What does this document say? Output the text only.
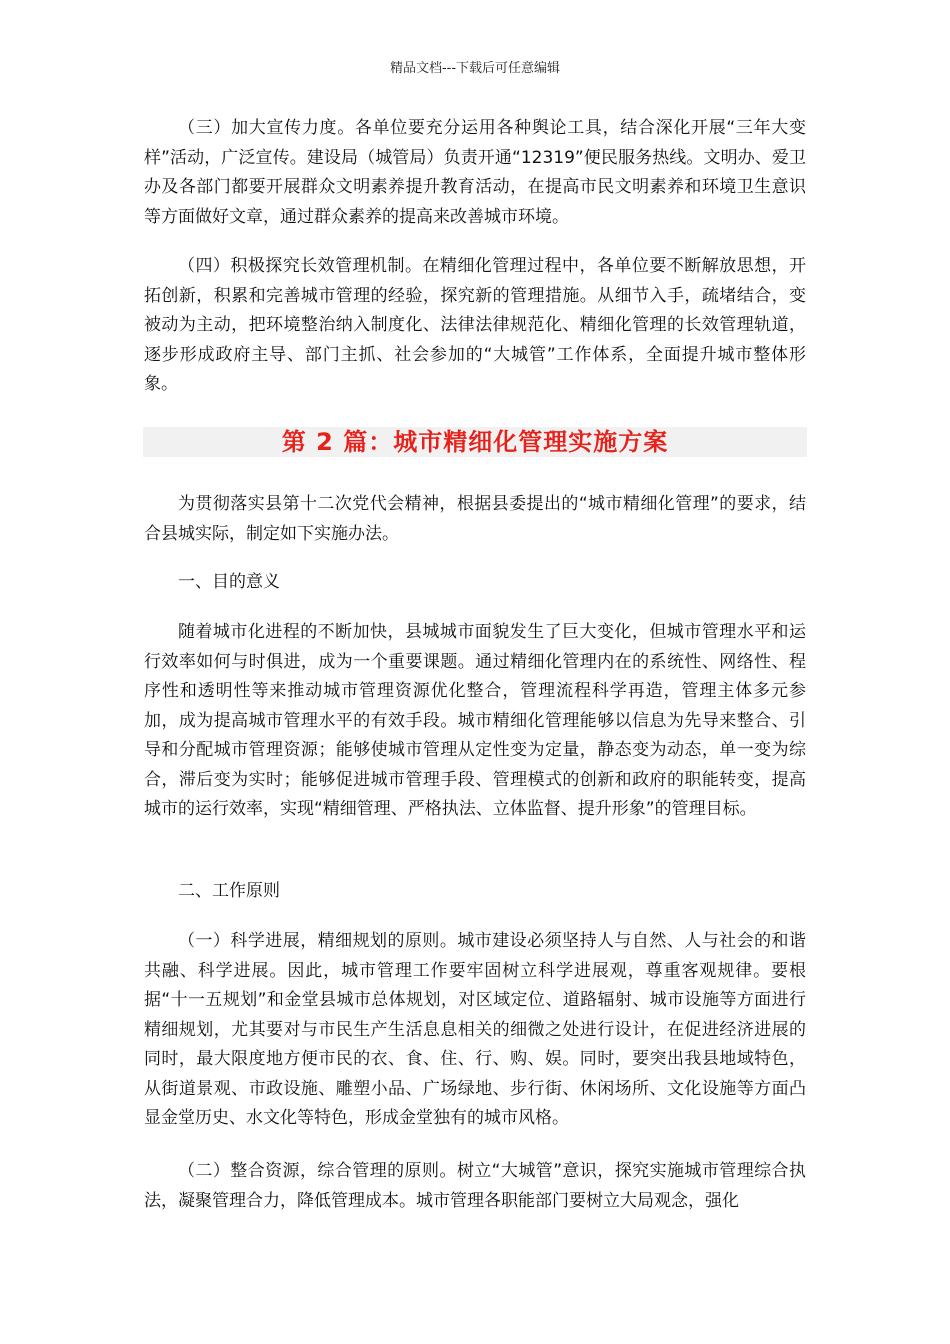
精品文档---下载后可任意编辑

（三）加大宣传力度。各单位要充分运用各种舆论工具，结合深化开展“三年大变样”活动，广泛宣传。建设局（城管局）负责开通“12319”便民服务热线。文明办、爱卫办及各部门都要开展群众文明素养提升教育活动，在提高市民文明素养和环境卫生意识等方面做好文章，通过群众素养的提高来改善城市环境。

（四）积极探究长效管理机制。在精细化管理过程中，各单位要不断解放思想，开拓创新，积累和完善城市管理的经验，探究新的管理措施。从细节入手，疏堵结合，变被动为主动，把环境整治纳入制度化、法律法律规范化、精细化管理的长效管理轨道，逐步形成政府主导、部门主抓、社会参加的“大城管”工作体系，全面提升城市整体形象。

第 2 篇：城市精细化管理实施方案

为贯彻落实县第十二次党代会精神，根据县委提出的“城市精细化管理”的要求，结合县城实际，制定如下实施办法。

一、目的意义

随着城市化进程的不断加快，县城城市面貌发生了巨大变化，但城市管理水平和运行效率如何与时俱进，成为一个重要课题。通过精细化管理内在的系统性、网络性、程序性和透明性等来推动城市管理资源优化整合，管理流程科学再造，管理主体多元参加，成为提高城市管理水平的有效手段。城市精细化管理能够以信息为先导来整合、引导和分配城市管理资源；能够使城市管理从定性变为定量，静态变为动态，单一变为综合，滞后变为实时；能够促进城市管理手段、管理模式的创新和政府的职能转变，提高城市的运行效率，实现“精细管理、严格执法、立体监督、提升形象”的管理目标。

二、工作原则

（一）科学进展，精细规划的原则。城市建设必须坚持人与自然、人与社会的和谐共融、科学进展。因此，城市管理工作要牢固树立科学进展观，尊重客观规律。要根据“十一五规划”和金堂县城市总体规划，对区域定位、道路辐射、城市设施等方面进行精细规划，尤其要对与市民生产生活息息相关的细微之处进行设计，在促进经济进展的同时，最大限度地方便市民的衣、食、住、行、购、娱。同时，要突出我县地域特色，从街道景观、市政设施、雕塑小品、广场绿地、步行街、休闲场所、文化设施等方面凸显金堂历史、水文化等特色，形成金堂独有的城市风格。

（二）整合资源，综合管理的原则。树立“大城管”意识，探究实施城市管理综合执法，凝聚管理合力，降低管理成本。城市管理各职能部门要树立大局观念，强化
